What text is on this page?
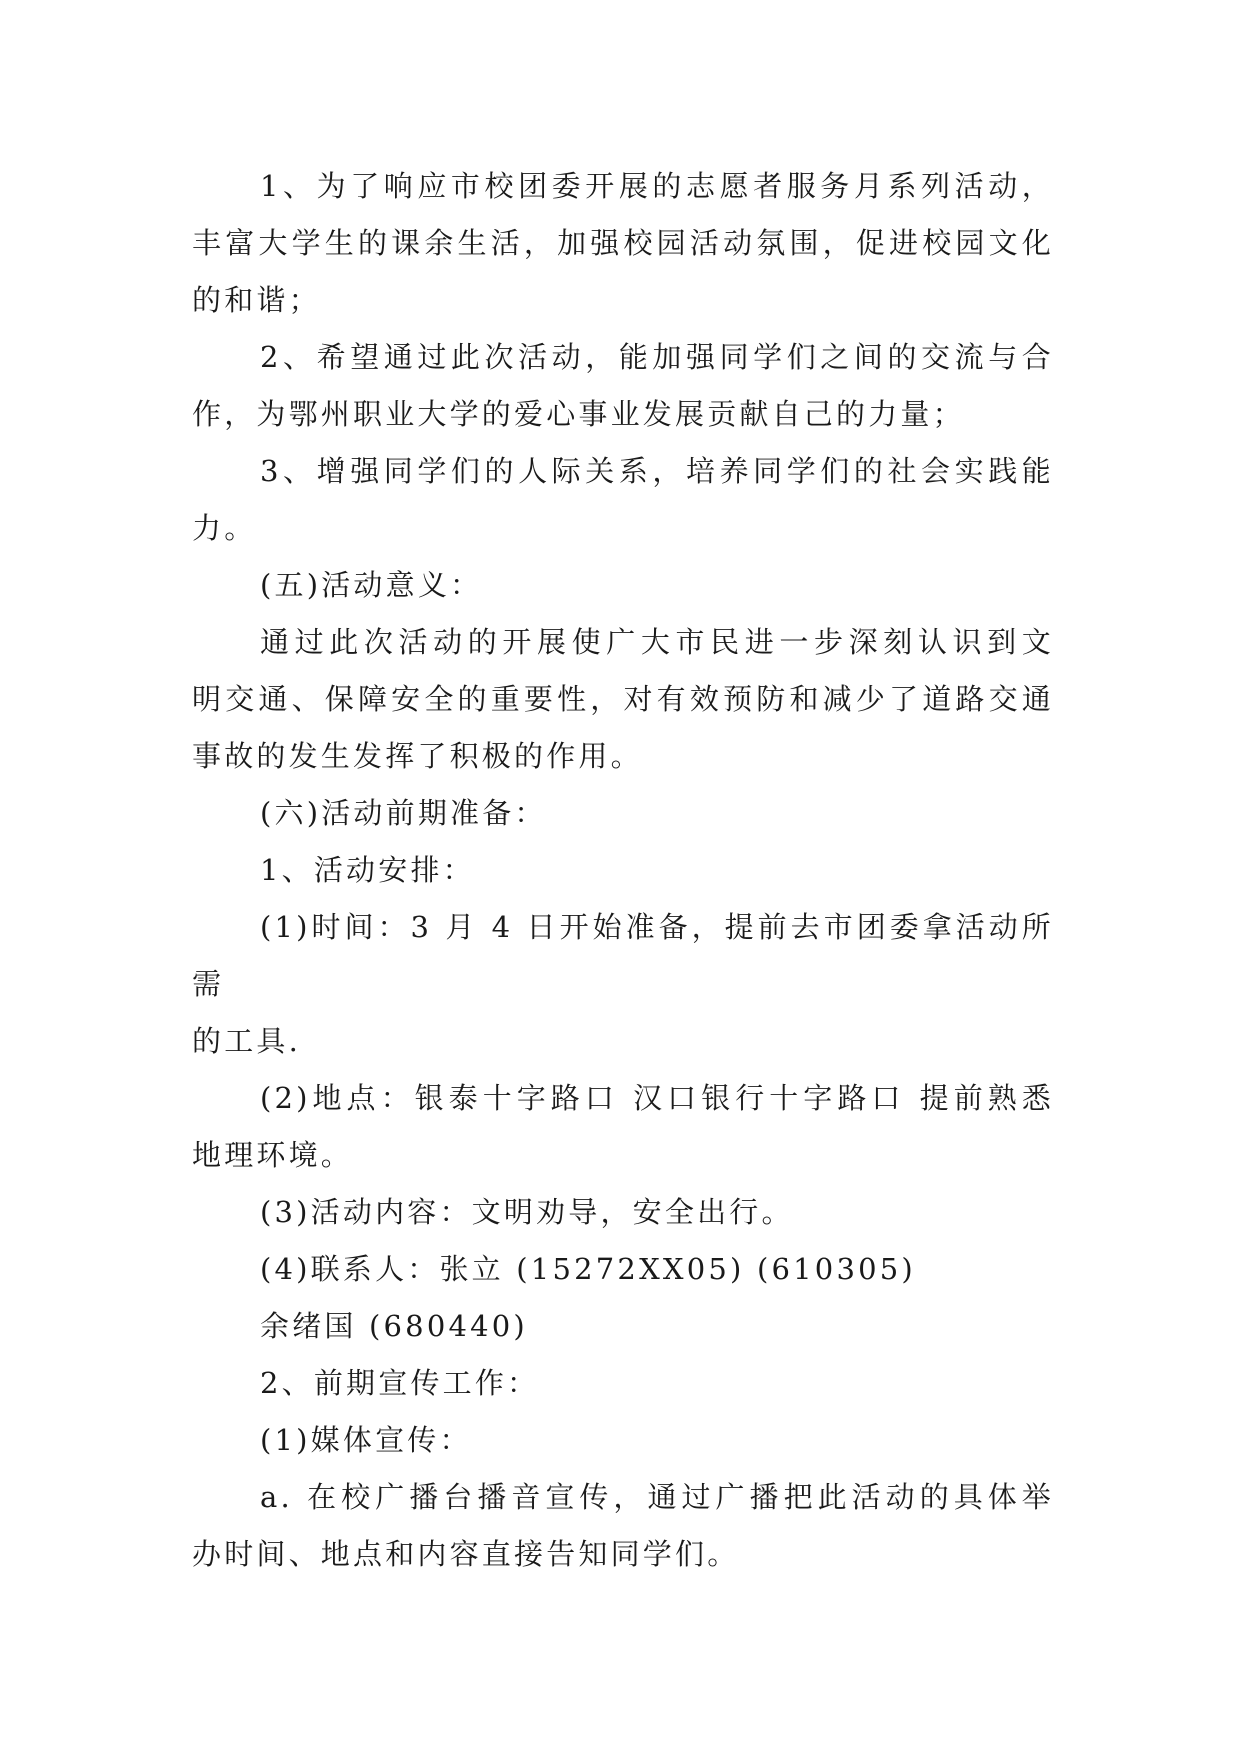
1、为了响应市校团委开展的志愿者服务月系列活动，
丰富大学生的课余生活，加强校园活动氛围，促进校园文化
的和谐；

2、希望通过此次活动，能加强同学们之间的交流与合
作，为鄂州职业大学的爱心事业发展贡献自己的力量；

3、增强同学们的人际关系，培养同学们的社会实践能
力。

(五)活动意义：

通过此次活动的开展使广大市民进一步深刻认识到文
明交通、保障安全的重要性，对有效预防和减少了道路交通
事故的发生发挥了积极的作用。

(六)活动前期准备：

1、活动安排：

(1)时间：3 月 4 日开始准备，提前去市团委拿活动所需
的工具.

(2)地点：银泰十字路口 汉口银行十字路口 提前熟悉
地理环境。

(3)活动内容：文明劝导，安全出行。

(4)联系人：张立 (15272XX05) (610305)

余绪国 (680440)

2、前期宣传工作：

(1)媒体宣传：

a. 在校广播台播音宣传，通过广播把此活动的具体举
办时间、地点和内容直接告知同学们。
